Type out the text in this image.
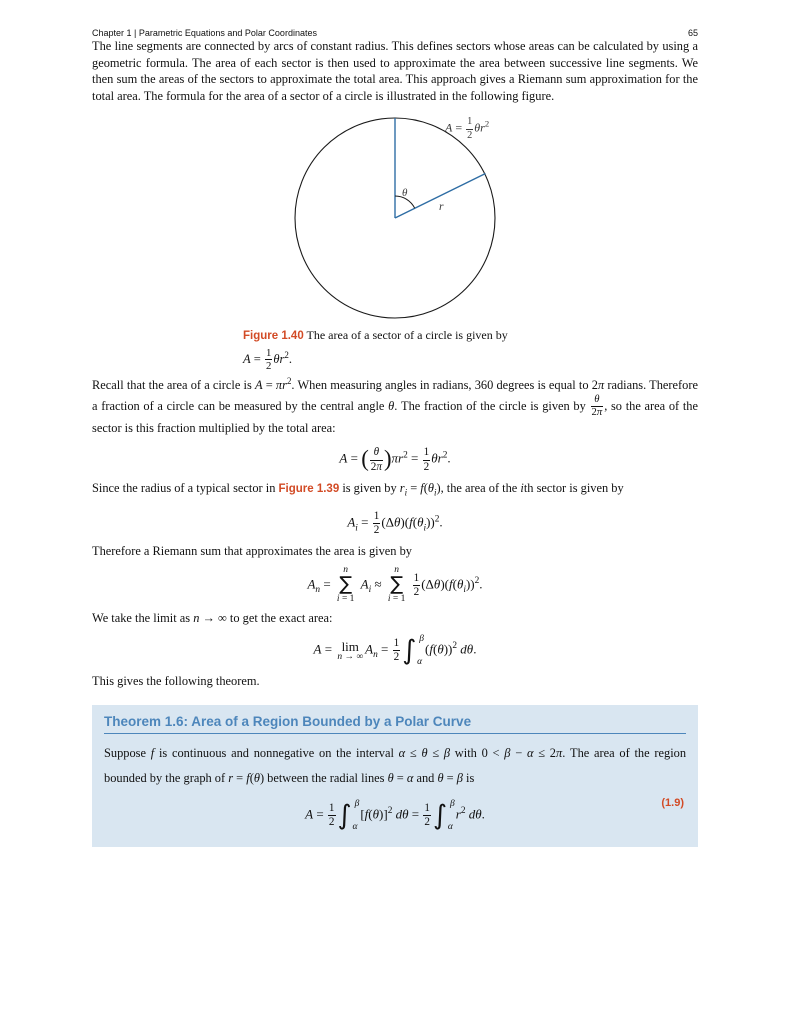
Chapter 1 | Parametric Equations and Polar Coordinates	65

The line segments are connected by arcs of constant radius. This defines sectors whose areas can be calculated by using a geometric formula. The area of each sector is then used to approximate the area between successive line segments. We then sum the areas of the sectors to approximate the total area. This approach gives a Riemann sum approximation for the total area. The formula for the area of a sector of a circle is illustrated in the following figure.

$A = \frac{1}{2} \theta r^2$
θ
r
Figure 1.40 The area of a sector of a circle is given by
$A = \frac{1}{2} \theta r^2$.

Recall that the area of a circle is $A = \pi r^2$. When measuring angles in radians, 360 degrees is equal to 2π radians. Therefore a fraction of a circle can be measured by the central angle θ. The fraction of the circle is given by $\frac{\theta}{2\pi}$ , so the area of the sector is this fraction multiplied by the total area:

A = ( $\frac{\theta}{2\pi} )\pi r^2 = \frac{1}{2} \theta r^2$.

Since the radius of a typical sector in Figure 1.39 is given by $r_i = f(\theta_i)$, the area of the ith sector is given by

$A_i = \frac{1}{2} (\Delta\theta)(f(\theta_i))^2$.

Therefore a Riemann sum that approximates the area is given by

$A_n$ =
n
∑
i = 1
$A_i$ ≈
n
∑
i = 1

$\frac{1}{2} (\Delta\theta)(f(\theta_i))^2$.

We take the limit as n → ∞ to get the exact area:

A = lim
n → ∞ $A_n = \frac{1}{2}$ ∫ β
α
$(f(\theta))^2$ dθ.

This gives the following theorem.

Theorem 1.6: Area of a Region Bounded by a Polar Curve
Suppose f is continuous and nonnegative on the interval α ≤ θ ≤ β with 0 < β − α ≤ 2π. The area of the region bounded by the graph of r = f(θ) between the radial lines θ = α and θ = β is
$A = \frac{1}{2}$ ∫ β
α
$[f(\theta)]^2$ $d\theta = \frac{1}{2}$ ∫ β
α
$r^2$ dθ.
(1.9)
